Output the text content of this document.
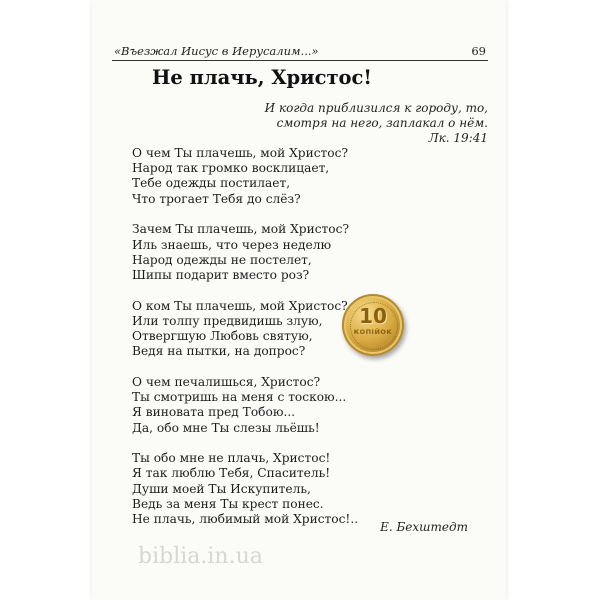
«Въезжал Иисус в Иерусалим...»	69
Не плачь, Христос!
И когда приблизился к городу, то,
смотря на него, заплакал о нём.
Лк. 19:41
О чем Ты плачешь, мой Христос?
Народ так громко восклицает,
Тебе одежды постилает,
Что трогает Тебя до слёз?
Зачем Ты плачешь, мой Христос?
Иль знаешь, что через неделю
Народ одежды не постелет,
Шипы подарит вместо роз?
О ком Ты плачешь, мой Христос?
Или толпу предвидишь злую,
Отвергшую Любовь святую,
Ведя на пытки, на допрос?
О чем печалишься, Христос?
Ты смотришь на меня с тоскою...
Я виновата пред Тобою...
Да, обо мне Ты слезы льёшь!
Ты обо мне не плачь, Христос!
Я так люблю Тебя, Спаситель!
Души моей Ты Искупитель,
Ведь за меня Ты крест понес.
Не плачь, любимый мой Христос!..
10
КОПІЙОК
Е. Бехштедт
biblia.in.ua
